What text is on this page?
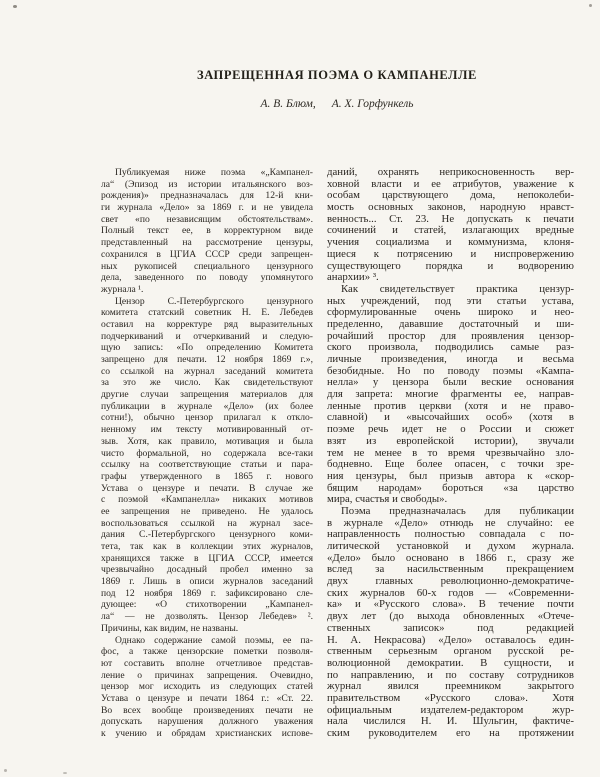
ЗАПРЕЩЕННАЯ ПОЭМА О КАМПАНЕЛЛЕ
А. В. Блюм, А. Х. Горфункель
Публикуемая ниже поэма «„Кампанел-
ла“ (Эпизод из истории итальянского воз-
рождения)» предназначалась для 12-й кни-
ги журнала «Дело» за 1869 г. и не увидела
свет «по независящим обстоятельствам».
Полный текст ее, в корректурном виде
представленный на рассмотрение цензуры,
сохранился в ЦГИА СССР среди запрещен-
ных рукописей специального цензурного
дела, заведенного по поводу упомянутого
журнала ¹.
Цензор С.-Петербургского цензурного
комитета статский советник Н. Е. Лебедев
оставил на корректуре ряд выразительных
подчеркиваний и отчеркиваний и следую-
щую запись: «По определению Комитета
запрещено для печати. 12 ноября 1869 г.»,
со ссылкой на журнал заседаний комитета
за это же число. Как свидетельствуют
другие случаи запрещения материалов для
публикации в журнале «Дело» (их более
сотни!), обычно цензор прилагал к откло-
ненному им тексту мотивированный от-
зыв. Хотя, как правило, мотивация и была
чисто формальной, но содержала все-таки
ссылку на соответствующие статьи и пара-
графы утвержденного в 1865 г. нового
Устава о цензуре и печати. В случае же
с поэмой «Кампанелла» никаких мотивов
ее запрещения не приведено. Не удалось
воспользоваться ссылкой на журнал засе-
дания С.-Петербургского цензурного коми-
тета, так как в коллекции этих журналов,
хранящихся также в ЦГИА СССР, имеется
чрезвычайно досадный пробел именно за
1869 г. Лишь в описи журналов заседаний
под 12 ноября 1869 г. зафиксировано сле-
дующее: «О стихотворении „Кампанел-
ла“ — не дозволять. Цензор Лебедев» ².
Причины, как видим, не названы.
Однако содержание самой поэмы, ее па-
фос, а также цензорские пометки позволя-
ют составить вполне отчетливое представ-
ление о причинах запрещения. Очевидно,
цензор мог исходить из следующих статей
Устава о цензуре и печати 1864 г.: «Ст. 22.
Во всех вообще произведениях печати не
допускать нарушения должного уважения
к учению и обрядам христианских испове-
даний, охранять неприкосновенность вер-
ховной власти и ее атрибутов, уважение к
особам царствующего дома, непоколеби-
мость основных законов, народную нравст-
венность... Ст. 23. Не допускать к печати
сочинений и статей, излагающих вредные
учения социализма и коммунизма, клоня-
щиеся к потрясению и ниспровержению
существующего порядка и водворению
анархии» ³.
Как свидетельствует практика цензур-
ных учреждений, под эти статьи устава,
сформулированные очень широко и нео-
пределенно, дававшие достаточный и ши-
рочайший простор для проявления цензор-
ского произвола, подводились самые раз-
личные произведения, иногда и весьма
безобидные. Но по поводу поэмы «Кампа-
нелла» у цензора были веские основания
для запрета: многие фрагменты ее, направ-
ленные против церкви (хотя и не право-
славной) и «высочайших особ» (хотя в
поэме речь идет не о России и сюжет
взят из европейской истории), звучали
тем не менее в то время чрезвычайно зло-
бодневно. Еще более опасен, с точки зре-
ния цензуры, был призыв автора к «скор-
бящим народам» бороться «за царство
мира, счастья и свободы».
Поэма предназначалась для публикации
в журнале «Дело» отнюдь не случайно: ее
направленность полностью совпадала с по-
литической установкой и духом журнала.
«Дело» было основано в 1866 г., сразу же
вслед за насильственным прекращением
двух главных революционно-демократиче-
ских журналов 60-х годов — «Современни-
ка» и «Русского слова». В течение почти
двух лет (до выхода обновленных «Отече-
ственных записок» под редакцией
Н. А. Некрасова) «Дело» оставалось един-
ственным серьезным органом русской ре-
волюционной демократии. В сущности, и
по направлению, и по составу сотрудников
журнал явился преемником закрытого
правительством «Русского слова». Хотя
официальным издателем-редактором жур-
нала числился Н. И. Шульгин, фактиче-
ским руководителем его на протяжении
